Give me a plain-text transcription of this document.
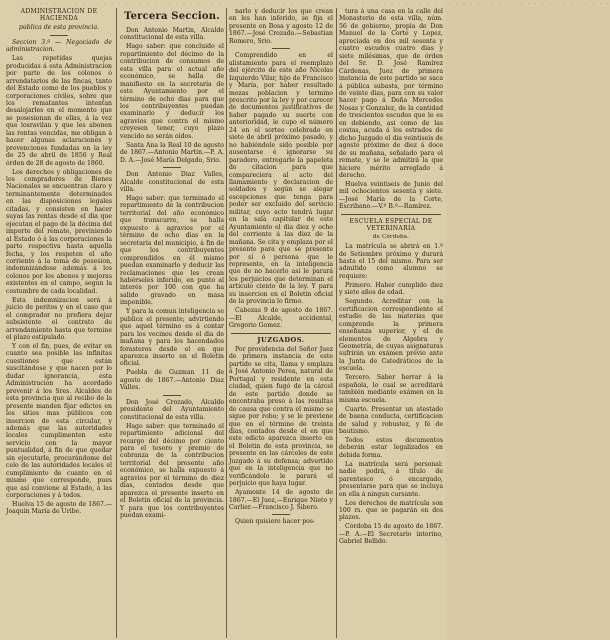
. . . . . . . . . . . . . . . . . . . . . . . . . . . . . . . . . . . . . . . . . . . . . . . . . . . . . . . . . . . . . . . . . . . . . . . . . . . . . . . . . . .

ADMINISTRACION DE HACIENDA

pública de esta provincia.

Seccion 3.ª — Negociado de administracion.

Las repetidas quejas producidas á esta Administracion por parte de los colonos ó arrendatarios de las fincas, tanto del Estado como de los pueblos y corporaciones civiles, sobre que los rematantes intentan desalojarles en el momento que se posesionan de ellas, á la vez que losravilan y que les abonen las rentas vencidas, me obligan á hacer algunas aclaraciones y prevenciones fundadas en la ley de 25 de abril de 1856 y Real órden de 28 de agosto de 1860.

Los derechos y obligaciones de los compradores de Bienes Nacionales se encuentran claro y terminantemente determinados en las disposiciones legales citadas, y consisten en hacer suyas las rentas desde el dia que ejecutan el pago de la décima del importe del remate, previniendo al Estado ó á las corporaciones la parte respectiva hasta aquella fecha, y los respeten el año corriente á la toma de posesion, indemnizándose además á los colonos por los abonos y mejoras existentes en el campo, segun la costumbre de cada localidad.

Esta indemnizacion será á juicio de peritos y en el caso que el comprador no prefiera dejar subsistente el contrato de arrendamiento hasta que termine el plazo estipulado.

Y con el fin, pues, de evitar en cuanto sea posible las infinitas cuestiones que están suscitándose y que nacen por lo dudar ignorancia, esta Administracion ha acordado prevenir á los Sres. Alcaldes de esta provincia que al recibo de la presente manden fijar edictos en los sitios mas públicos con insercion de esta circular, y además que las autoridades locales cumplimenten este servicio con la mayor puntualidad, á fin de que quedar sin ejecutarle, procurándome del celo de las autoridades locales el cumplimiento de cuanto en el mismo que corresponde, pues que así conviene al Estado, á las corporaciones y á todos.

Huelva 15 de agosto de 1867.—Joaquin María de Uribe.

Tercera Seccion.

Don Antonio Martin, Alcalde constitucional de esta villa.

Hago saber: que concluido el repartimiento del décimo de la contribucion de consumos de esta villa para el actual año económico, se halla de manifiesto en la secretaría de este Ayuntamiento por el término de ocho dias para que los contribuyentes puedan examinarlo y deducir los agravios que contra el mismo creyesen tener, cuyo plazo vencido no serán oidos.

Santa Ana la Real 10 de agosto de 1867.—Antonio Martin.—P. A. D. A.—José María Delgado, Srio.

Don Antonio Diaz Valles, Alcalde constitucional de esta villa.

Hago saber: que terminado el repartimiento de la contribucion territorial del año económico que transcurre, se halla expuesto á agravios por el término de ocho dias en la secretaría del municipio, á fin de que los contribuyentes comprendidos en él mismo puedan examinarlo y deducir las reclamaciones que les crean habérseles inferido, en punto al interés por 100 con que ha salido gravado en masa imponible.

Y para la comun inteligencia se publica el presente; advirtiendo que aquel término es á contar para los vecinos desde el dia de mañana y para los hacendados forasteros desde el en que aparezca inserto en el Boletin oficial.

Puebla de Guzman 11 de agosto de 1867.—Antonio Diaz Valles.

Don José Crozado, Alcalde presidente del Ayuntamiento constitucional de esta villa.

Hago saber: que terminado el repartimiento adicional del recargo del décimo por ciento para el tesoro y premio de cobranza de la contribucion territorial del presente año económico, se halla expuesto á agravios por el término de diez dias, contados desde que aparezca el presente inserto en el Boletin oficial de la provincia. Y para que los contribuyentes puedan exami-

narlo y deducir los que crean en les han inferido, se fija el presente en Bosa y agosto 12 de 1867.—José Crozado.—Sebastian Romero, Srio.

Comprendido en el alistamiento para el reemplazo del ejército de este año Nicolas Izquierdo Vilar, hijo de Francisco y María, por haber resultado mozas poblacion y termino prescrito por la ley y por carecer de documentos justificativos de haber pagado su suerte con anterioridad, le cupo el número 24 en el sorteo celebrado en siete de abril próximo pasado, y no habiéndole sido posible por ausentarse é ignorarse su paradero, entregarle la papeleta de citacion para que compareciera al acto del llamamiento y declaracion de soldados y según se alegar escepciones que tenga para poder ser excluido del servicio militar, cuyo acto tendrá lugar en la sala capitular de este Ayuntamiento el dia diez y ocho del corriente á las diez de la mañana. Se cita y emplaza por el presente para que se presente por sí ó persona que le represente, en la inteligencia que de no hacerlo así le parará los perjuicios que determinan el artículo ciento de la ley. Y para su insercion en el Boletin oficial de la provincia lo firmo.

Cabezas 9 de agosto de 1867.—El Alcalde, accidental, Gregorio Gomez.

JUZGADOS.

Por providencia del Señor Juez de primera instancia de este partido se cita, llama y emplaza á José Antonio Perea, natural de Portugal y residente en esta ciudad, quien fugó de la cárcel de este partido donde se encontraba preso á las resultas de causa que contra el mismo se sigue por robo; y se le previene que en el término de treinta dias, contados desde el en que este edicto aparezca inserto en el Boletin de esta provincia, se presente en las cárceles de este Juzgado á su defensa; advertido que en la inteligencia que no verificándolo le parará el perjuicio que haya lugar.

Ayamonte 14 de agosto de 1867.—El Juez,—Enrique Nieto y Carlier.—Francisco J. Sibero.

Quien quisiere hacer pos-

tura á una casa en la calle del Monasterio de esta villa, núm. 56 de gobierno, propia de Don Manuel de la Corte y Lopez, apreciada en dos mil sesenta y cuatro escudos cuatro dias y siete milésimas, que de órden del Sr. D. José Ramírez Cárdenas, Juez de primera instancia de este partido se saca á pública subasta, por término de veinte dias, para con su valor hacer pago á Doña Mercedes Nosas y Gonzalez, de la cantidad de trescientos escudos que le es en debiendo, asi como de las costas, acuda á los estrados de dicho Juzgado el dia veintiseis de agosto próximo de diez á doce de su mañana, señalado para el remate, y se le admitirá la que hiciere mérito arreglado á derecho.

Huelva veintiseis de Junio del mil ochocientos sesenta y siete.—José María de la Corte, Escribano.—V.º B.º—Ramírez.

ESCUELA ESPECIAL DE VETERINARIA

de Córdoba.

La matrícula se abrirá en 1.º de Setiembre próximo y durará hasta el 15 del mismo. Para ser admitido como alumno se requiere:

Primero. Haber cumplido diez y siete años de edad.

Segundo. Acreditar con la certificacion correspondiente el estudio de las materias que comprende la primera enseñanza superior, y el de elementos de Algebra y Geometría, de cuyas asignaturas sufrirán un exámen prévio ante la Junta de Catedráticos de la escuela.

Tercero. Saber herrar á la española, lo cual se acreditará también mediante exámen en la misma escuela.

Cuarto. Presentar un atestado de buena conducta, certificacion de salud y robustez, y fé de bautismo.

Todos estos documentos deberán estar legalizados en debida forma.

La matrícula será personal: nadie podrá, á título de parentesco ó encargado, presentarse para que se incluya en ella á ningun cursante.

Los derechos de matrícula son 100 rs. que se pagarán en dos plazos.

Córdoba 15 de agosto de 1867.—P. A.—El Secretario interino, Gabriel Bellido.
